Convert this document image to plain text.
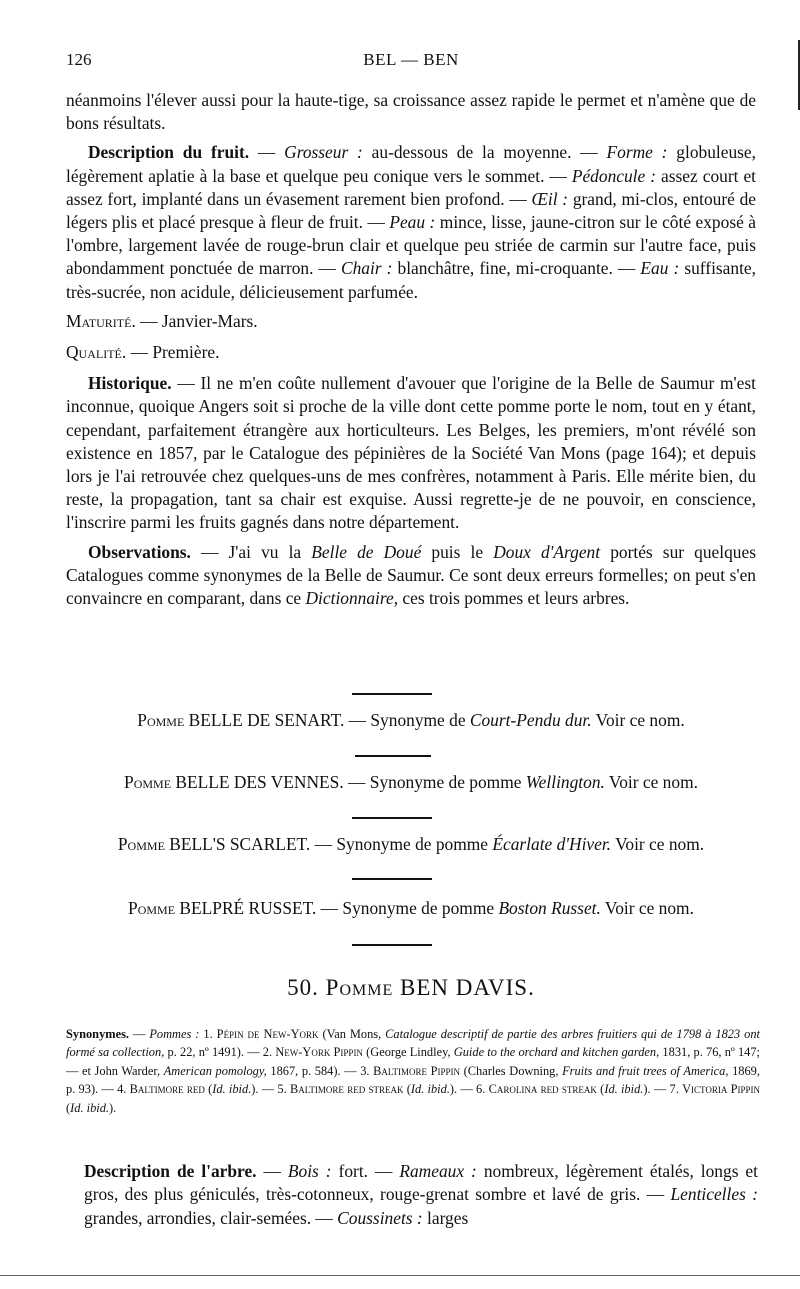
126	BEL — BEN

néanmoins l'élever aussi pour la haute-tige, sa croissance assez rapide le permet et n'amène que de bons résultats.

Description du fruit. — Grosseur : au-dessous de la moyenne. — Forme : globuleuse, légèrement aplatie à la base et quelque peu conique vers le sommet. — Pédoncule : assez court et assez fort, implanté dans un évasement rarement bien profond. — Œil : grand, mi-clos, entouré de légers plis et placé presque à fleur de fruit. — Peau : mince, lisse, jaune-citron sur le côté exposé à l'ombre, largement lavée de rouge-brun clair et quelque peu striée de carmin sur l'autre face, puis abondamment ponctuée de marron. — Chair : blanchâtre, fine, mi-croquante. — Eau : suffisante, très-sucrée, non acidule, délicieusement parfumée.

Maturité. — Janvier-Mars.

Qualité. — Première.

Historique. — Il ne m'en coûte nullement d'avouer que l'origine de la Belle de Saumur m'est inconnue, quoique Angers soit si proche de la ville dont cette pomme porte le nom, tout en y étant, cependant, parfaitement étrangère aux horticulteurs. Les Belges, les premiers, m'ont révélé son existence en 1857, par le Catalogue des pépinières de la Société Van Mons (page 164); et depuis lors je l'ai retrouvée chez quelques-uns de mes confrères, notamment à Paris. Elle mérite bien, du reste, la propagation, tant sa chair est exquise. Aussi regrette-je de ne pouvoir, en conscience, l'inscrire parmi les fruits gagnés dans notre département.

Observations. — J'ai vu la Belle de Doué puis le Doux d'Argent portés sur quelques Catalogues comme synonymes de la Belle de Saumur. Ce sont deux erreurs formelles; on peut s'en convaincre en comparant, dans ce Dictionnaire, ces trois pommes et leurs arbres.

Pomme BELLE DE SENART. — Synonyme de Court-Pendu dur. Voir ce nom.
Pomme BELLE DES VENNES. — Synonyme de pomme Wellington. Voir ce nom.
Pomme BELL'S SCARLET. — Synonyme de pomme Écarlate d'Hiver. Voir ce nom.
Pomme BELPRÉ RUSSET. — Synonyme de pomme Boston Russet. Voir ce nom.
50. Pomme BEN DAVIS.
Synonymes. — Pommes : 1. Pépin de New-York (Van Mons, Catalogue descriptif de partie des arbres fruitiers qui de 1798 à 1823 ont formé sa collection, p. 22, nº 1491). — 2. New-York Pippin (George Lindley, Guide to the orchard and kitchen garden, 1831, p. 76, nº 147; — et John Warder, American pomology, 1867, p. 584). — 3. Baltimore Pippin (Charles Downing, Fruits and fruit trees of America, 1869, p. 93). — 4. Baltimore red (Id. ibid.). — 5. Baltimore red streak (Id. ibid.). — 6. Carolina red streak (Id. ibid.). — 7. Victoria Pippin (Id. ibid.).
Description de l'arbre. — Bois : fort. — Rameaux : nombreux, légèrement étalés, longs et gros, des plus géniculés, très-cotonneux, rouge-grenat sombre et lavé de gris. — Lenticelles : grandes, arrondies, clair-semées. — Coussinets : larges
